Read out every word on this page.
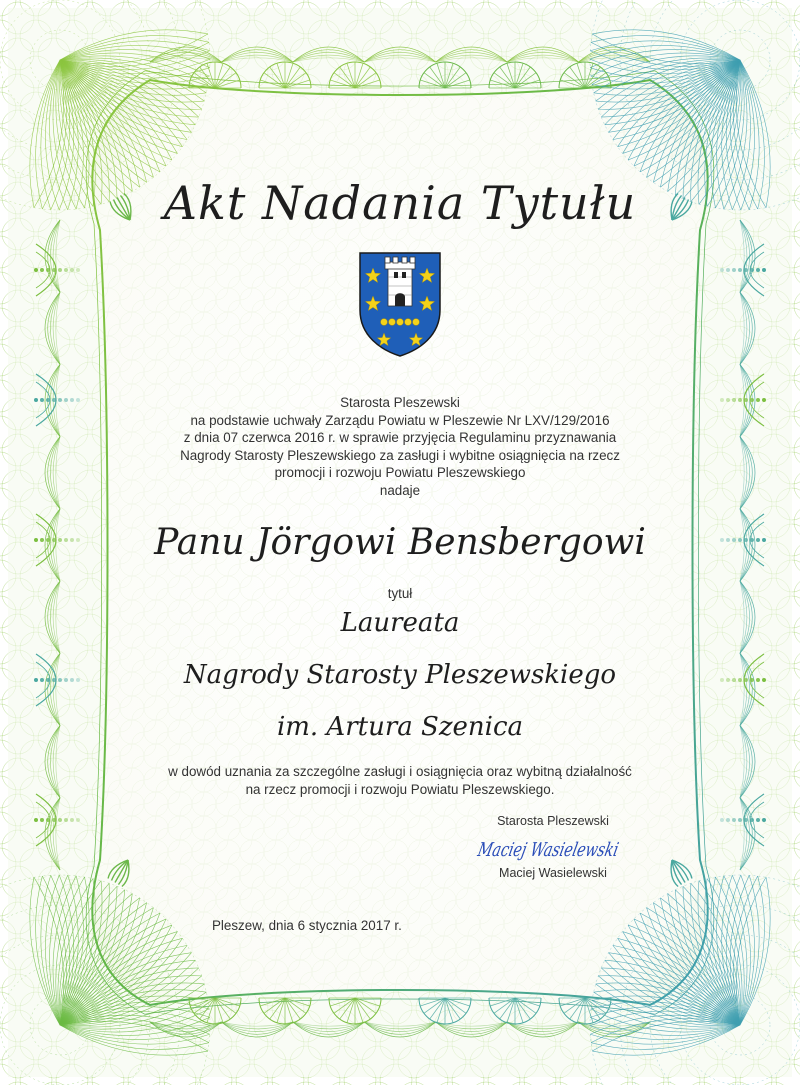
Akt Nadania Tytułu
Starosta Pleszewski
na podstawie uchwały Zarządu Powiatu w Pleszewie Nr LXV/129/2016
z dnia 07 czerwca 2016 r. w sprawie przyjęcia Regulaminu przyznawania
Nagrody Starosty Pleszewskiego za zasługi i wybitne osiągnięcia na rzecz
promocji i rozwoju Powiatu Pleszewskiego
nadaje
Panu Jörgowi Bensbergowi
tytuł
Laureata
Nagrody Starosty Pleszewskiego
im. Artura Szenica
w dowód uznania za szczególne zasługi i osiągnięcia oraz wybitną działalność
na rzecz promocji i rozwoju Powiatu Pleszewskiego.
Starosta Pleszewski
Maciej Wasielewski
Maciej Wasielewski
Pleszew, dnia 6 stycznia 2017 r.
